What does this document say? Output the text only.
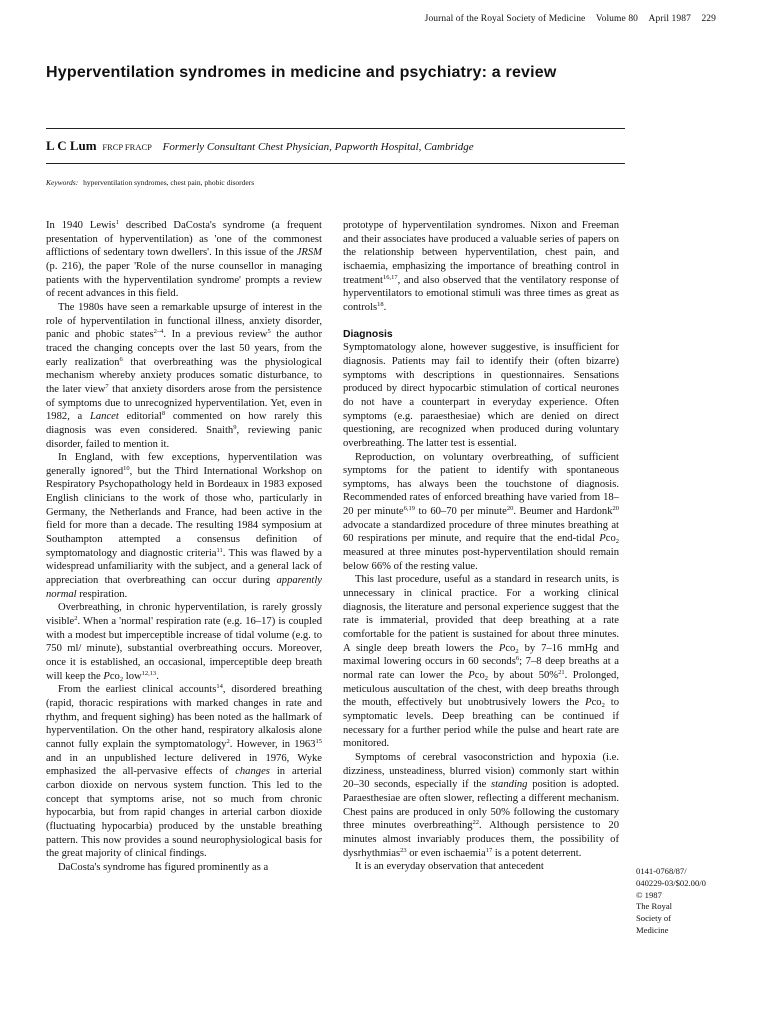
Journal of the Royal Society of Medicine Volume 80 April 1987 229
Hyperventilation syndromes in medicine and psychiatry: a review
L C Lum FRCP FRACP Formerly Consultant Chest Physician, Papworth Hospital, Cambridge
Keywords: hyperventilation syndromes, chest pain, phobic disorders

In 1940 Lewis$^1$ described DaCosta's syndrome (a frequent presentation of hyperventilation) as 'one of the commonest afflictions of sedentary town dwellers'. In this issue of the JRSM (p. 216), the paper 'Role of the nurse counsellor in managing patients with the hyperventilation syndrome' prompts a review of recent advances in this field.

The 1980s have seen a remarkable upsurge of interest in the role of hyperventilation in functional illness, anxiety disorder, panic and phobic states$^{2-4}$. In a previous review$^5$ the author traced the changing concepts over the last 50 years, from the early realization$^6$ that overbreathing was the physiological mechanism whereby anxiety produces somatic disturbance, to the later view$^7$ that anxiety disorders arose from the persistence of symptoms due to unrecognized hyperventilation. Yet, even in 1982, a Lancet editorial$^8$ commented on how rarely this diagnosis was even considered. Snaith$^9$, reviewing panic disorder, failed to mention it.

In England, with few exceptions, hyperventilation was generally ignored$^{10}$, but the Third International Workshop on Respiratory Psychopathology held in Bordeaux in 1983 exposed English clinicians to the work of those who, particularly in Germany, the Netherlands and France, had been active in the field for more than a decade. The resulting 1984 symposium at Southampton attempted a consensus definition of symptomatology and diagnostic criteria$^{11}$. This was flawed by a widespread unfamiliarity with the subject, and a general lack of appreciation that overbreathing can occur during apparently normal respiration.

Overbreathing, in chronic hyperventilation, is rarely grossly visible$^2$. When a 'normal' respiration rate (e.g. 16–17) is coupled with a modest but imperceptible increase of tidal volume (e.g. to 750 ml/ minute), substantial overbreathing occurs. Moreover, once it is established, an occasional, imperceptible deep breath will keep the Pco$_2$ low$^{12,13}$.

From the earliest clinical accounts$^{14}$, disordered breathing (rapid, thoracic respirations with marked changes in rate and rhythm, and frequent sighing) has been noted as the hallmark of hyperventilation. On the other hand, respiratory alkalosis alone cannot fully explain the symptomatology$^2$. However, in 1963$^{15}$ and in an unpublished lecture delivered in 1976, Wyke emphasized the all-pervasive effects of changes in arterial carbon dioxide on nervous system function. This led to the concept that symptoms arise, not so much from chronic hypocarbia, but from rapid changes in arterial carbon dioxide (fluctuating hypocarbia) produced by the unstable breathing pattern. This now provides a sound neurophysiological basis for the great majority of clinical findings.

DaCosta's syndrome has figured prominently as a

prototype of hyperventilation syndromes. Nixon and Freeman and their associates have produced a valuable series of papers on the relationship between hyperventilation, chest pain, and ischaemia, emphasizing the importance of breathing control in treatment$^{16,17}$, and also observed that the ventilatory response of hyperventilators to emotional stimuli was three times as great as controls$^{18}$.

Diagnosis

Symptomatology alone, however suggestive, is insufficient for diagnosis. Patients may fail to identify their (often bizarre) symptoms with descriptions in questionnaires. Sensations produced by direct hypocarbic stimulation of cortical neurones do not have a counterpart in everyday experience. Often symptoms (e.g. paraesthesiae) which are denied on direct questioning, are recognized when produced during voluntary overbreathing. The latter test is essential.

Reproduction, on voluntary overbreathing, of sufficient symptoms for the patient to identify with spontaneous symptoms, has always been the touchstone of diagnosis. Recommended rates of enforced breathing have varied from 18–20 per minute$^{6,19}$ to 60–70 per minute$^{20}$. Beumer and Hardonk$^{20}$ advocate a standardized procedure of three minutes breathing at 60 respirations per minute, and require that the end-tidal Pco$_2$ measured at three minutes post-hyperventilation should remain below 66% of the resting value.

This last procedure, useful as a standard in research units, is unnecessary in clinical practice. For a working clinical diagnosis, the literature and personal experience suggest that the rate is immaterial, provided that deep breathing at a rate comfortable for the patient is sustained for about three minutes. A single deep breath lowers the Pco$_2$ by 7–16 mmHg and maximal lowering occurs in 60 seconds$^6$; 7–8 deep breaths at a normal rate can lower the Pco$_2$ by about 50%$^{21}$. Prolonged, meticulous auscultation of the chest, with deep breaths through the mouth, effectively but unobtrusively lowers the Pco$_2$ to symptomatic levels. Deep breathing can be continued if necessary for a further period while the pulse and heart rate are monitored.

Symptoms of cerebral vasoconstriction and hypoxia (i.e. dizziness, unsteadiness, blurred vision) commonly start within 20–30 seconds, especially if the standing position is adopted. Paraesthesiae are often slower, reflecting a different mechanism. Chest pains are produced in only 50% following the customary three minutes overbreathing$^{22}$. Although persistence to 20 minutes almost invariably produces them, the possibility of dysrhythmias$^{23}$ or even ischaemia$^{17}$ is a potent deterrent.

It is an everyday observation that antecedent	0141-0768/87/
040229-03/$02.00/0
© 1987
The Royal
Society of
Medicine
